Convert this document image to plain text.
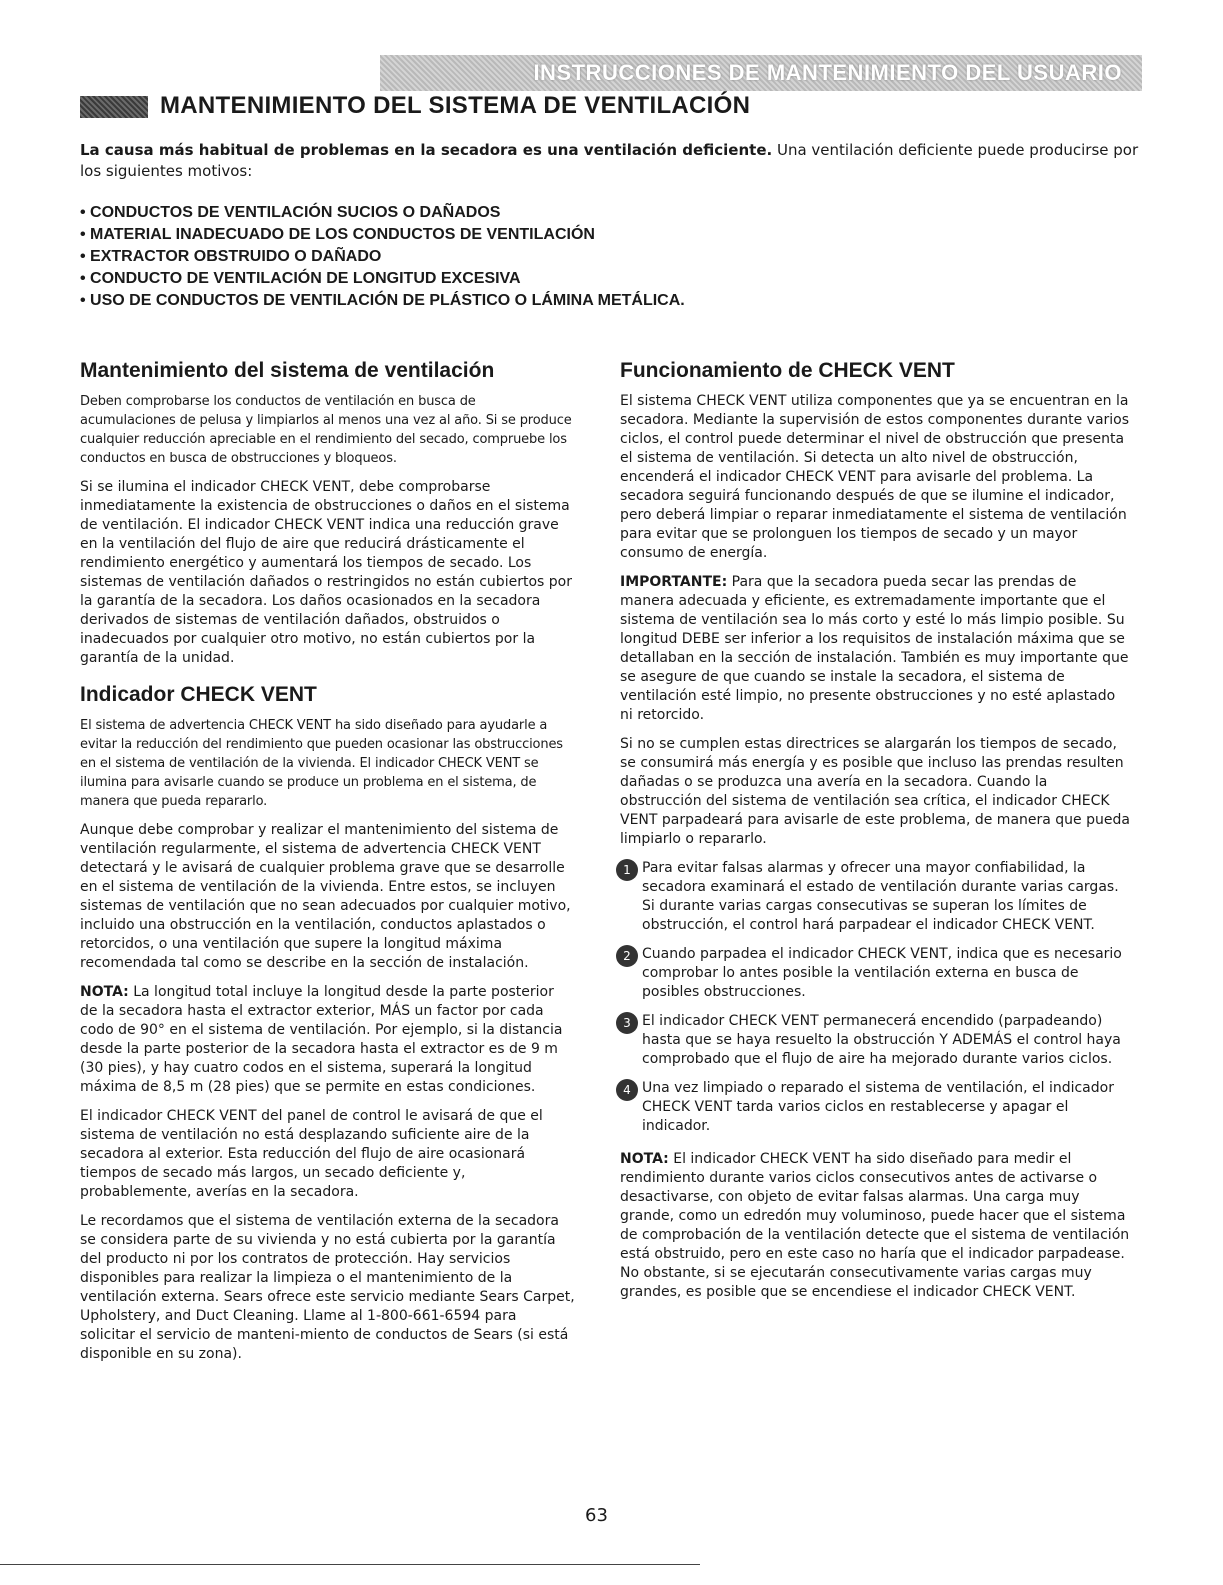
INSTRUCCIONES DE MANTENIMIENTO DEL USUARIO
MANTENIMIENTO DEL SISTEMA DE VENTILACIÓN
La causa más habitual de problemas en la secadora es una ventilación deficiente. Una ventilación deficiente puede producirse por los siguientes motivos:
• CONDUCTOS DE VENTILACIÓN SUCIOS O DAÑADOS
• MATERIAL INADECUADO DE LOS CONDUCTOS DE VENTILACIÓN
• EXTRACTOR OBSTRUIDO O DAÑADO
• CONDUCTO DE VENTILACIÓN DE LONGITUD EXCESIVA
• USO DE CONDUCTOS DE VENTILACIÓN DE PLÁSTICO O LÁMINA METÁLICA.
Mantenimiento del sistema de ventilación

Deben comprobarse los conductos de ventilación en busca de acumulaciones de pelusa y limpiarlos al menos una vez al año. Si se produce cualquier reducción apreciable en el rendimiento del secado, compruebe los conductos en busca de obstrucciones y bloqueos.

Si se ilumina el indicador CHECK VENT, debe comprobarse inmediatamente la existencia de obstrucciones o daños en el sistema de ventilación. El indicador CHECK VENT indica una reducción grave en la ventilación del flujo de aire que reducirá drásticamente el rendimiento energético y aumentará los tiempos de secado. Los sistemas de ventilación dañados o restringidos no están cubiertos por la garantía de la secadora. Los daños ocasionados en la secadora derivados de sistemas de ventilación dañados, obstruidos o inadecuados por cualquier otro motivo, no están cubiertos por la garantía de la unidad.

Indicador CHECK VENT

El sistema de advertencia CHECK VENT ha sido diseñado para ayudarle a evitar la reducción del rendimiento que pueden ocasionar las obstrucciones en el sistema de ventilación de la vivienda. El indicador CHECK VENT se ilumina para avisarle cuando se produce un problema en el sistema, de manera que pueda repararlo.

Aunque debe comprobar y realizar el mantenimiento del sistema de ventilación regularmente, el sistema de advertencia CHECK VENT detectará y le avisará de cualquier problema grave que se desarrolle en el sistema de ventilación de la vivienda. Entre estos, se incluyen sistemas de ventilación que no sean adecuados por cualquier motivo, incluido una obstrucción en la ventilación, conductos aplastados o retorcidos, o una ventilación que supere la longitud máxima recomendada tal como se describe en la sección de instalación.

NOTA: La longitud total incluye la longitud desde la parte posterior de la secadora hasta el extractor exterior, MÁS un factor por cada codo de 90° en el sistema de ventilación. Por ejemplo, si la distancia desde la parte posterior de la secadora hasta el extractor es de 9 m (30 pies), y hay cuatro codos en el sistema, superará la longitud máxima de 8,5 m (28 pies) que se permite en estas condiciones.

El indicador CHECK VENT del panel de control le avisará de que el sistema de ventilación no está desplazando suficiente aire de la secadora al exterior. Esta reducción del flujo de aire ocasionará tiempos de secado más largos, un secado deficiente y, probablemente, averías en la secadora.

Le recordamos que el sistema de ventilación externa de la secadora se considera parte de su vivienda y no está cubierta por la garantía del producto ni por los contratos de protección. Hay servicios disponibles para realizar la limpieza o el mantenimiento de la ventilación externa. Sears ofrece este servicio mediante Sears Carpet, Upholstery, and Duct Cleaning. Llame al 1-800-661-6594 para solicitar el servicio de manteni-miento de conductos de Sears (si está disponible en su zona).

Funcionamiento de CHECK VENT

El sistema CHECK VENT utiliza componentes que ya se encuentran en la secadora. Mediante la supervisión de estos componentes durante varios ciclos, el control puede determinar el nivel de obstrucción que presenta el sistema de ventilación. Si detecta un alto nivel de obstrucción, encenderá el indicador CHECK VENT para avisarle del problema. La secadora seguirá funcionando después de que se ilumine el indicador, pero deberá limpiar o reparar inmediatamente el sistema de ventilación para evitar que se prolonguen los tiempos de secado y un mayor consumo de energía.

IMPORTANTE: Para que la secadora pueda secar las prendas de manera adecuada y eficiente, es extremadamente importante que el sistema de ventilación sea lo más corto y esté lo más limpio posible. Su longitud DEBE ser inferior a los requisitos de instalación máxima que se detallaban en la sección de instalación. También es muy importante que se asegure de que cuando se instale la secadora, el sistema de ventilación esté limpio, no presente obstrucciones y no esté aplastado ni retorcido.

Si no se cumplen estas directrices se alargarán los tiempos de secado, se consumirá más energía y es posible que incluso las prendas resulten dañadas o se produzca una avería en la secadora. Cuando la obstrucción del sistema de ventilación sea crítica, el indicador CHECK VENT parpadeará para avisarle de este problema, de manera que pueda limpiarlo o repararlo.

1 Para evitar falsas alarmas y ofrecer una mayor confiabilidad, la secadora examinará el estado de ventilación durante varias cargas. Si durante varias cargas consecutivas se superan los límites de obstrucción, el control hará parpadear el indicador CHECK VENT.
2 Cuando parpadea el indicador CHECK VENT, indica que es necesario comprobar lo antes posible la ventilación externa en busca de posibles obstrucciones.
3 El indicador CHECK VENT permanecerá encendido (parpadeando) hasta que se haya resuelto la obstrucción Y ADEMÁS el control haya comprobado que el flujo de aire ha mejorado durante varios ciclos.
4 Una vez limpiado o reparado el sistema de ventilación, el indicador CHECK VENT tarda varios ciclos en restablecerse y apagar el indicador.

NOTA: El indicador CHECK VENT ha sido diseñado para medir el rendimiento durante varios ciclos consecutivos antes de activarse o desactivarse, con objeto de evitar falsas alarmas. Una carga muy grande, como un edredón muy voluminoso, puede hacer que el sistema de comprobación de la ventilación detecte que el sistema de ventilación está obstruido, pero en este caso no haría que el indicador parpadease. No obstante, si se ejecutarán consecutivamente varias cargas muy grandes, es posible que se encendiese el indicador CHECK VENT.

63
